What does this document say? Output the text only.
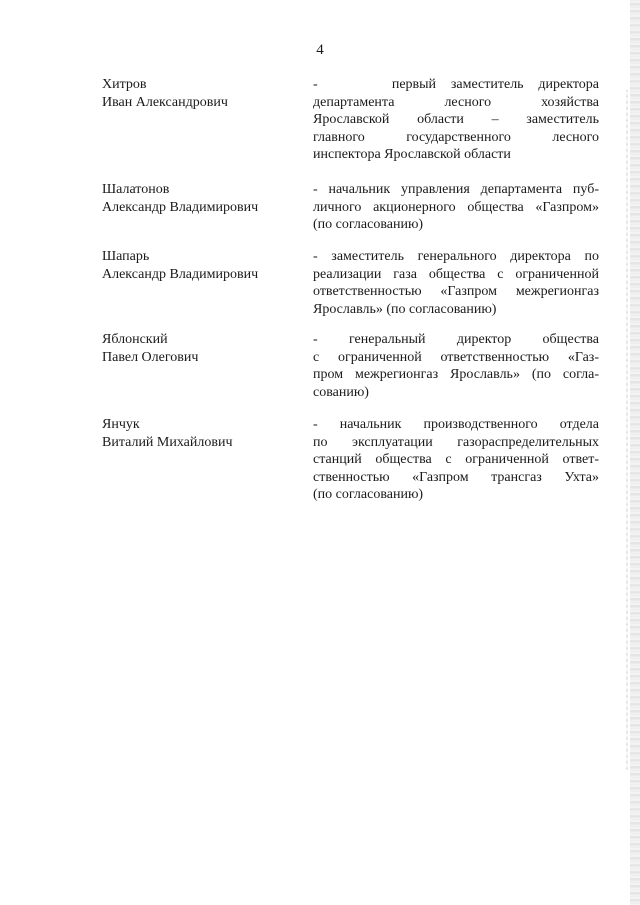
4
Хитров
Иван Александрович
-     первый заместитель директора
департамента лесного хозяйства
Ярославской области – заместитель
главного государственного лесного
инспектора Ярославской области
Шалатонов
Александр Владимирович
- начальник управления департамента пуб-
личного акционерного общества «Газпром»
(по согласованию)
Шапарь
Александр Владимирович
- заместитель генерального директора по
реализации газа общества с ограниченной
ответственностью «Газпром межрегионгаз
Ярославль» (по согласованию)
Яблонский
Павел Олегович
- генеральный директор общества
с ограниченной ответственностью «Газ-
пром межрегионгаз Ярославль» (по согла-
сованию)
Янчук
Виталий Михайлович
- начальник производственного отдела
по эксплуатации газораспределительных
станций общества с ограниченной ответ-
ственностью «Газпром трансгаз Ухта»
(по согласованию)
